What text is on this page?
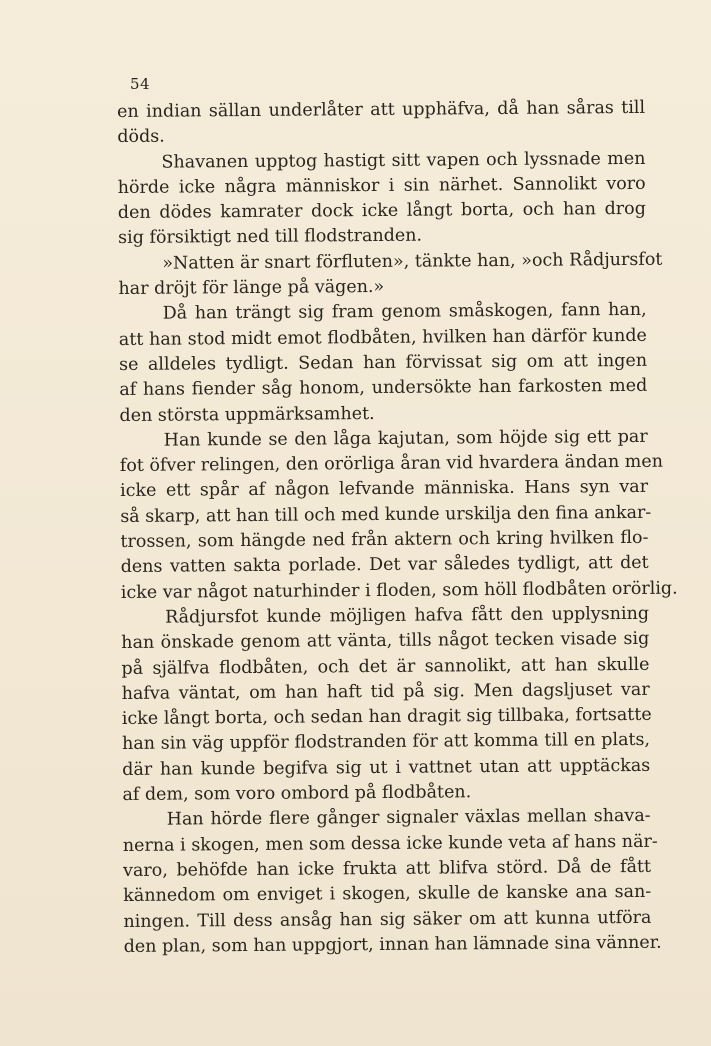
54
en indian sällan underlåter att upphäfva, då han såras till
döds.
Shavanen upptog hastigt sitt vapen och lyssnade men
hörde icke några människor i sin närhet. Sannolikt voro
den dödes kamrater dock icke långt borta, och han drog
sig försiktigt ned till flodstranden.
»Natten är snart förfluten», tänkte han, »och Rådjursfot
har dröjt för länge på vägen.»
Då han trängt sig fram genom småskogen, fann han,
att han stod midt emot flodbåten, hvilken han därför kunde
se alldeles tydligt. Sedan han förvissat sig om att ingen
af hans fiender såg honom, undersökte han farkosten med
den största uppmärksamhet.
Han kunde se den låga kajutan, som höjde sig ett par
fot öfver relingen, den orörliga åran vid hvardera ändan men
icke ett spår af någon lefvande människa. Hans syn var
så skarp, att han till och med kunde urskilja den fina ankar-
trossen, som hängde ned från aktern och kring hvilken flo-
dens vatten sakta porlade. Det var således tydligt, att det
icke var något naturhinder i floden, som höll flodbåten orörlig.
Rådjursfot kunde möjligen hafva fått den upplysning
han önskade genom att vänta, tills något tecken visade sig
på själfva flodbåten, och det är sannolikt, att han skulle
hafva väntat, om han haft tid på sig. Men dagsljuset var
icke långt borta, och sedan han dragit sig tillbaka, fortsatte
han sin väg uppför flodstranden för att komma till en plats,
där han kunde begifva sig ut i vattnet utan att upptäckas
af dem, som voro ombord på flodbåten.
Han hörde flere gånger signaler växlas mellan shava-
nerna i skogen, men som dessa icke kunde veta af hans när-
varo, behöfde han icke frukta att blifva störd. Då de fått
kännedom om enviget i skogen, skulle de kanske ana san-
ningen. Till dess ansåg han sig säker om att kunna utföra
den plan, som han uppgjort, innan han lämnade sina vänner.
